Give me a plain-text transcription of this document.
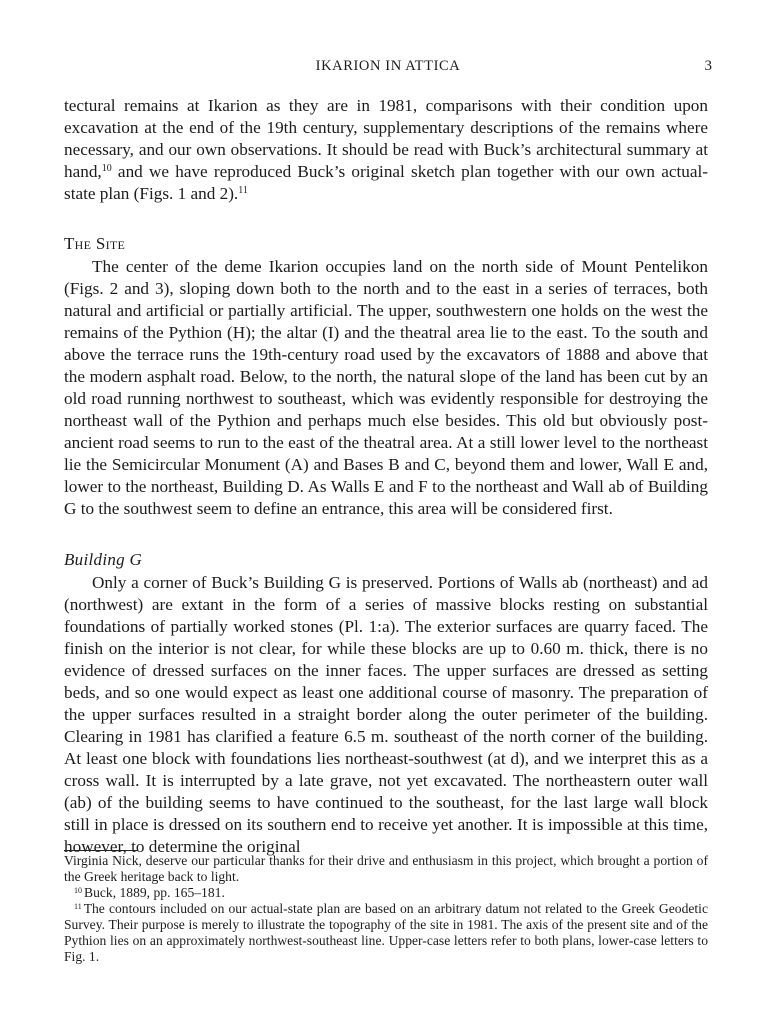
IKARION IN ATTICA	3

tectural remains at Ikarion as they are in 1981, comparisons with their condition upon excavation at the end of the 19th century, supplementary descriptions of the remains where necessary, and our own observations. It should be read with Buck’s architectural summary at hand,$^{10}$ and we have reproduced Buck’s original sketch plan together with our own actual-state plan (Figs. 1 and 2).$^{11}$

The Site

The center of the deme Ikarion occupies land on the north side of Mount Pentelikon (Figs. 2 and 3), sloping down both to the north and to the east in a series of terraces, both natural and artificial or partially artificial. The upper, southwestern one holds on the west the remains of the Pythion (H); the altar (I) and the theatral area lie to the east. To the south and above the terrace runs the 19th-century road used by the excavators of 1888 and above that the modern asphalt road. Below, to the north, the natural slope of the land has been cut by an old road running northwest to southeast, which was evidently responsible for destroying the northeast wall of the Pythion and perhaps much else besides. This old but obviously post-ancient road seems to run to the east of the theatral area. At a still lower level to the northeast lie the Semicircular Monument (A) and Bases B and C, beyond them and lower, Wall E and, lower to the northeast, Building D. As Walls E and F to the northeast and Wall ab of Building G to the southwest seem to define an entrance, this area will be considered first.

Building G

Only a corner of Buck’s Building G is preserved. Portions of Walls ab (northeast) and ad (northwest) are extant in the form of a series of massive blocks resting on substantial foundations of partially worked stones (Pl. 1:a). The exterior surfaces are quarry faced. The finish on the interior is not clear, for while these blocks are up to 0.60 m. thick, there is no evidence of dressed surfaces on the inner faces. The upper surfaces are dressed as setting beds, and so one would expect as least one additional course of masonry. The preparation of the upper surfaces resulted in a straight border along the outer perimeter of the building. Clearing in 1981 has clarified a feature 6.5 m. southeast of the north corner of the building. At least one block with foundations lies northeast-southwest (at d), and we interpret this as a cross wall. It is interrupted by a late grave, not yet excavated. The northeastern outer wall (ab) of the building seems to have continued to the southeast, for the last large wall block still in place is dressed on its southern end to receive yet another. It is impossible at this time, however, to determine the original

Virginia Nick, deserve our particular thanks for their drive and enthusiasm in this project, which brought a portion of the Greek heritage back to light.

$^{10}$ Buck, 1889, pp. 165–181.

$^{11}$ The contours included on our actual-state plan are based on an arbitrary datum not related to the Greek Geodetic Survey. Their purpose is merely to illustrate the topography of the site in 1981. The axis of the present site and of the Pythion lies on an approximately northwest-southeast line. Upper-case letters refer to both plans, lower-case letters to Fig. 1.
